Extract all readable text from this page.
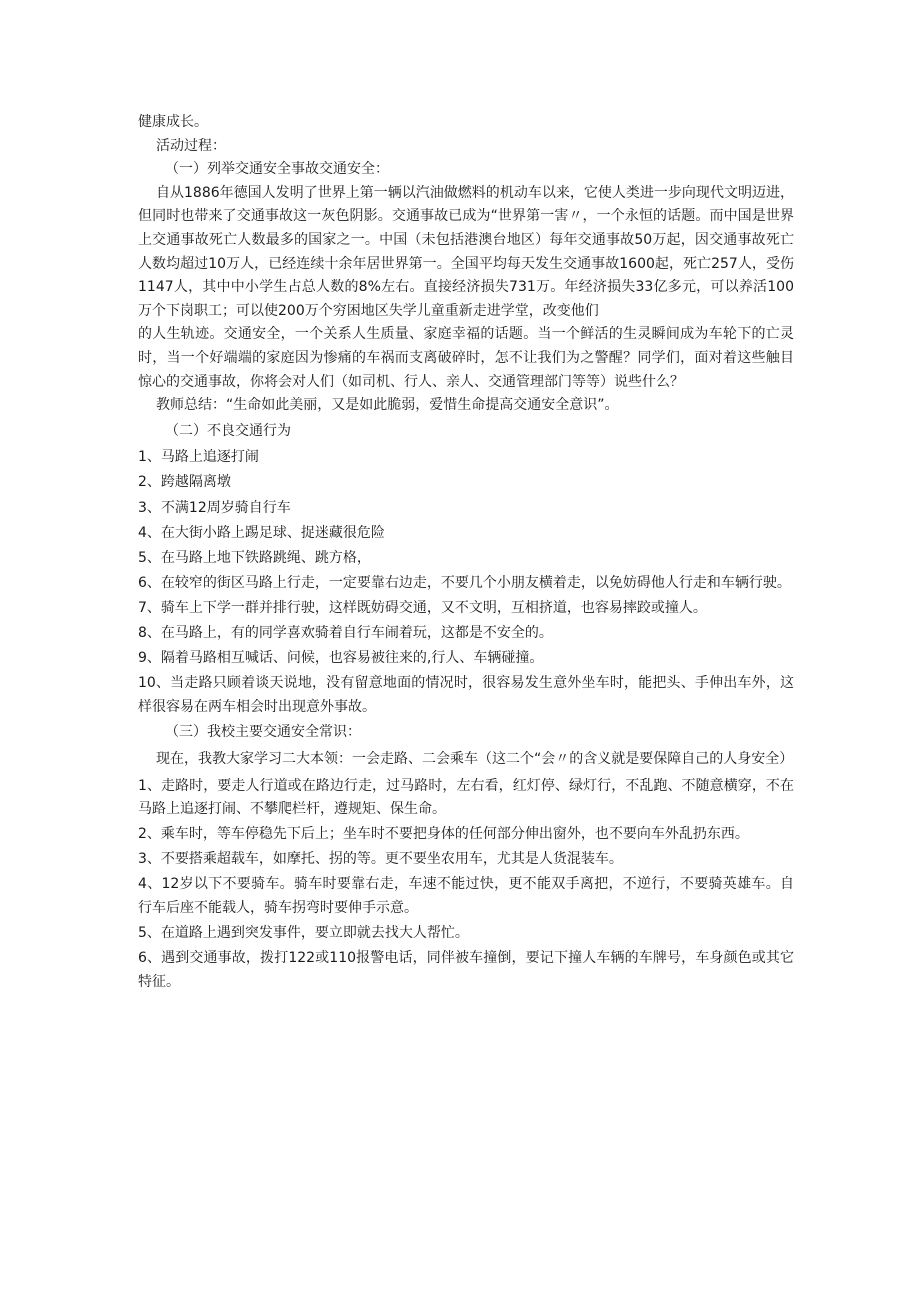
健康成长。

活动过程：

（一）列举交通安全事故交通安全：

自从1886年德国人发明了世界上第一辆以汽油做燃料的机动车以来，它使人类进一步向现代文明迈进，但同时也带来了交通事故这一灰色阴影。交通事故已成为“世界第一害〃，一个永恒的话题。而中国是世界上交通事故死亡人数最多的国家之一。中国（未包括港澳台地区）每年交通事故50万起，因交通事故死亡人数均超过10万人，已经连续十余年居世界第一。全国平均每天发生交通事故1600起，死亡257人，受伤1147人，其中中小学生占总人数的8%左右。直接经济损失731万。年经济损失33亿多元，可以养活100万个下岗职工；可以使200万个穷困地区失学儿童重新走进学堂，改变他们

的人生轨迹。交通安全，一个关系人生质量、家庭幸福的话题。当一个鲜活的生灵瞬间成为车轮下的亡灵时，当一个好端端的家庭因为惨痛的车祸而支离破碎时，怎不让我们为之警醒？同学们，面对着这些触目惊心的交通事故，你将会对人们（如司机、行人、亲人、交通管理部门等等）说些什么？

教师总结：“生命如此美丽，又是如此脆弱，爱惜生命提高交通安全意识”。

（二）不良交通行为

1、马路上追逐打闹

2、跨越隔离墩

3、不满12周岁骑自行车

4、在大街小路上踢足球、捉迷藏很危险

5、在马路上地下铁路跳绳、跳方格，

6、在较窄的街区马路上行走，一定要靠右边走，不要几个小朋友横着走，以免妨碍他人行走和车辆行驶。

7、骑车上下学一群并排行驶，这样既妨碍交通，又不文明，互相挤道，也容易摔跤或撞人。

8、在马路上，有的同学喜欢骑着自行车闹着玩，这都是不安全的。

9、隔着马路相互喊话、问候，也容易被往来的,行人、车辆碰撞。

10、当走路只顾着谈天说地，没有留意地面的情况时，很容易发生意外坐车时，能把头、手伸出车外，这样很容易在两车相会时出现意外事故。

（三）我校主要交通安全常识：

现在，我教大家学习二大本领：一会走路、二会乘车（这二个“会〃的含义就是要保障自己的人身安全）

1、走路时，要走人行道或在路边行走，过马路时，左右看，红灯停、绿灯行，不乱跑、不随意横穿，不在马路上追逐打闹、不攀爬栏杆，遵规矩、保生命。

2、乘车时，等车停稳先下后上；坐车时不要把身体的任何部分伸出窗外，也不要向车外乱扔东西。

3、不要搭乘超载车，如摩托、拐的等。更不要坐农用车，尤其是人货混装车。

4、12岁以下不要骑车。骑车时要靠右走，车速不能过快，更不能双手离把，不逆行，不要骑英雄车。自行车后座不能载人，骑车拐弯时要伸手示意。

5、在道路上遇到突发事件，要立即就去找大人帮忙。

6、遇到交通事故，拨打122或110报警电话，同伴被车撞倒，要记下撞人车辆的车牌号，车身颜色或其它特征。
